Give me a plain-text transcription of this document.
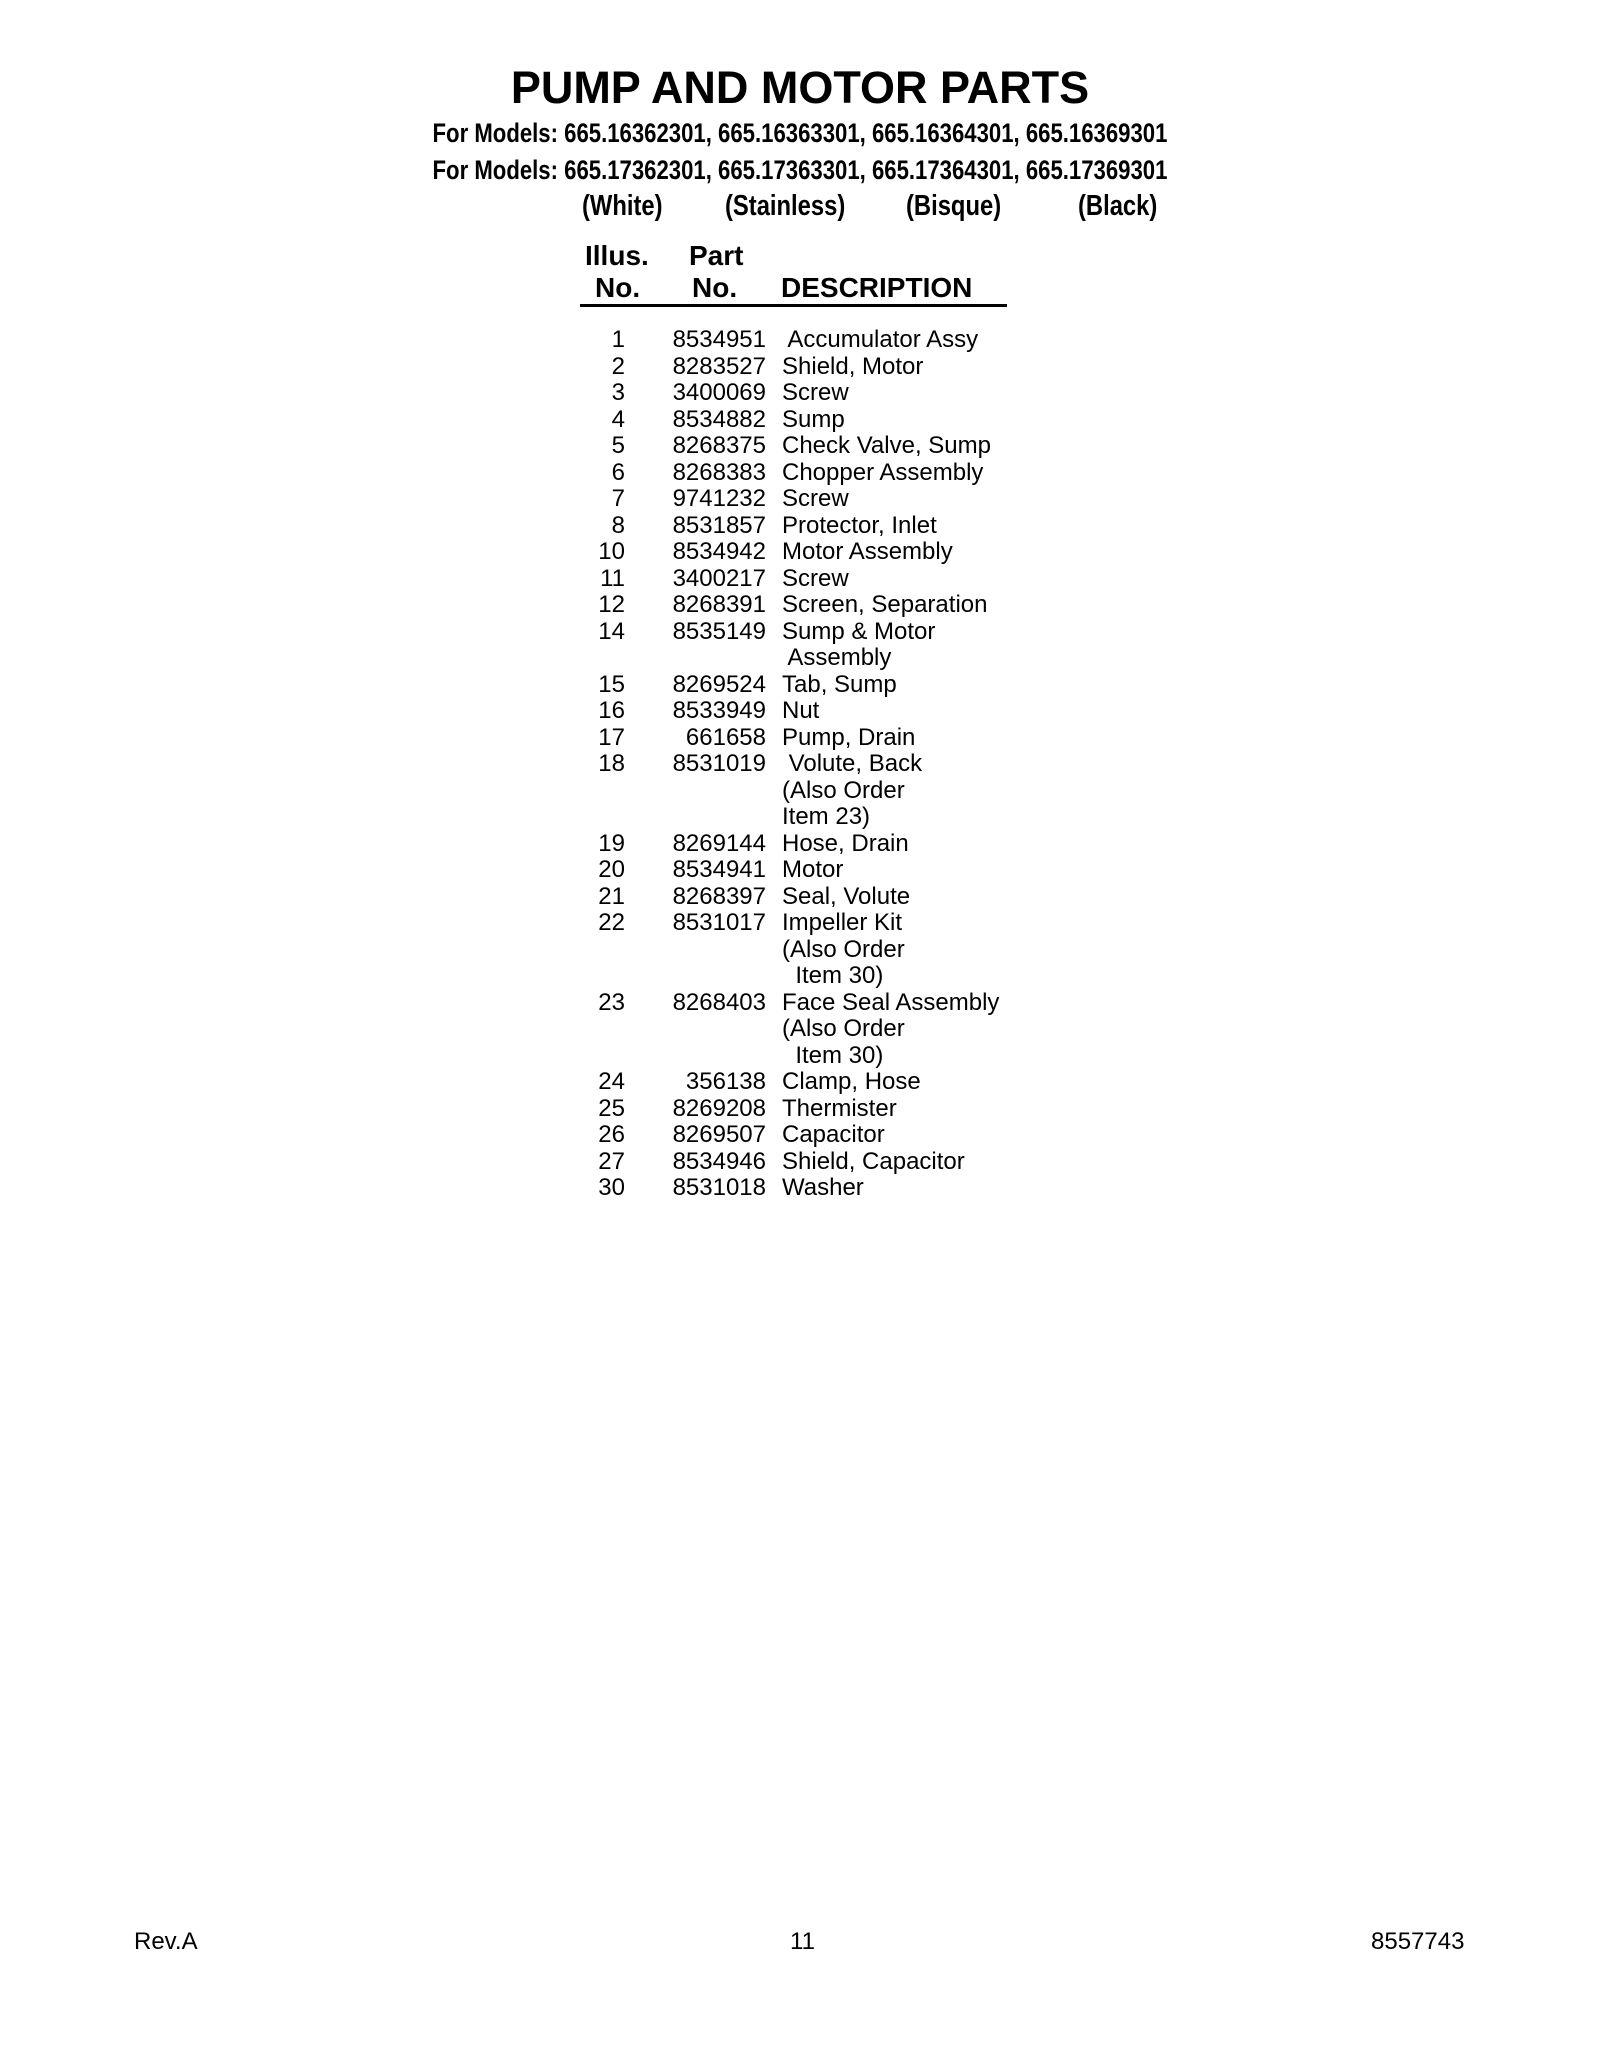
PUMP AND MOTOR PARTS
For Models: 665.16362301, 665.16363301, 665.16364301, 665.16369301
For Models: 665.17362301, 665.17363301, 665.17364301, 665.17369301
(White) (Stainless) (Bisque)	(Black)
Illus.
No.
Part
No. DESCRIPTION
1	8534951 Accumulator Assy
2	8283527 Shield, Motor
3	3400069 Screw
4	8534882 Sump
5	8268375 Check Valve, Sump
6	8268383 Chopper Assembly
7	9741232 Screw
8	8531857 Protector, Inlet
10	8534942 Motor Assembly
11	3400217 Screw
12	8268391 Screen, Separation
14	8535149 Sump & Motor
Assembly
15	8269524 Tab, Sump
16	8533949 Nut
17	661658 Pump, Drain
18	8531019 Volute, Back
(Also Order
Item 23)
19	8269144 Hose, Drain
20	8534941 Motor
21	8268397 Seal, Volute
22	8531017 Impeller Kit
(Also Order
Item 30)
23	8268403 Face Seal Assembly
(Also Order
Item 30)
24	356138 Clamp, Hose
25	8269208 Thermister
26	8269507 Capacitor
27	8534946 Shield, Capacitor
30	8531018 Washer
Rev.A	11	8557743
